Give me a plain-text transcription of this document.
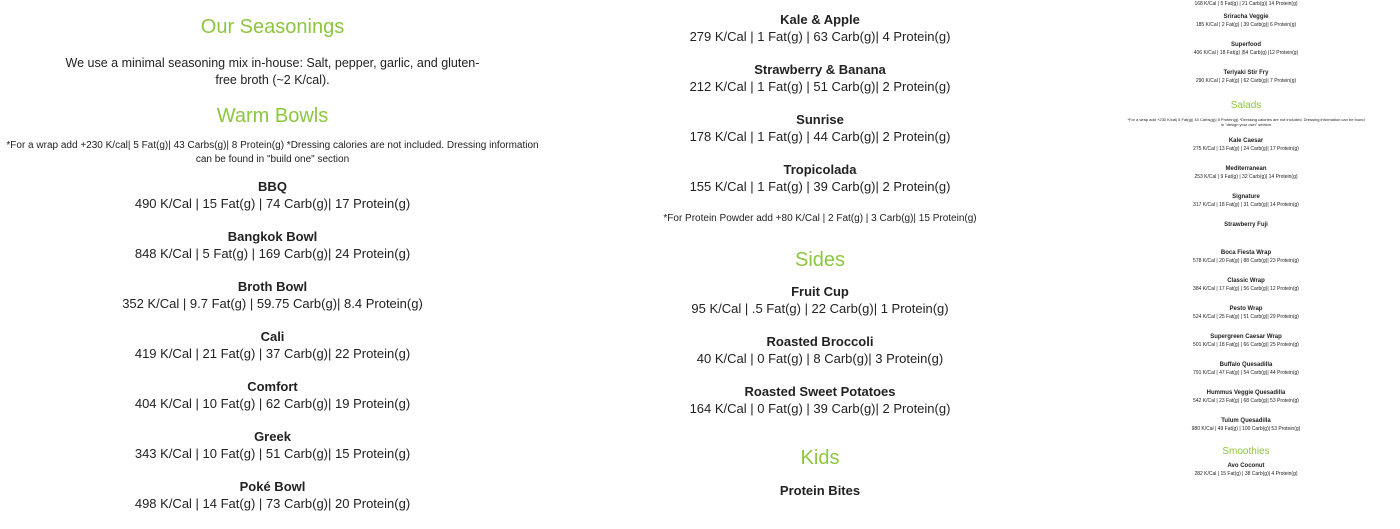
Our Seasonings
We use a minimal seasoning mix in-house: Salt, pepper, garlic, and gluten-free broth (~2 K/cal).
Warm Bowls
*For a wrap add +230 K/cal| 5 Fat(g)| 43 Carbs(g)| 8 Protein(g) *Dressing calories are not included. Dressing information can be found in "build one" section
BBQ
490 K/Cal | 15 Fat(g) | 74 Carb(g)| 17 Protein(g)
Bangkok Bowl
848 K/Cal | 5 Fat(g) | 169 Carb(g)| 24 Protein(g)
Broth Bowl
352 K/Cal | 9.7 Fat(g) | 59.75 Carb(g)| 8.4 Protein(g)
Cali
419 K/Cal | 21 Fat(g) | 37 Carb(g)| 22 Protein(g)
Comfort
404 K/Cal | 10 Fat(g) | 62 Carb(g)| 19 Protein(g)
Greek
343 K/Cal | 10 Fat(g) | 51 Carb(g)| 15 Protein(g)
Poké Bowl
498 K/Cal | 14 Fat(g) | 73 Carb(g)| 20 Protein(g)
Kale & Apple
279 K/Cal | 1 Fat(g) | 63 Carb(g)| 4 Protein(g)
Strawberry & Banana
212 K/Cal | 1 Fat(g) | 51 Carb(g)| 2 Protein(g)
Sunrise
178 K/Cal | 1 Fat(g) | 44 Carb(g)| 2 Protein(g)
Tropicolada
155 K/Cal | 1 Fat(g) | 39 Carb(g)| 2 Protein(g)
*For Protein Powder add +80 K/Cal | 2 Fat(g) | 3 Carb(g)| 15 Protein(g)
Sides
Fruit Cup
95 K/Cal | .5 Fat(g) | 22 Carb(g)| 1 Protein(g)
Roasted Broccoli
40 K/Cal | 0 Fat(g) | 8 Carb(g)| 3 Protein(g)
Roasted Sweet Potatoes
164 K/Cal | 0 Fat(g) | 39 Carb(g)| 2 Protein(g)
Kids
Protein Bites
168 K/Cal | 5 Fat(g) | 21 Carb(g)| 14 Protein(g)
Sriracha Veggie
185 K/Cal | 2 Fat(g) | 39 Carb(g)| 6 Protein(g)
Superfood
406 K/Cal | 18 Fat(g) |54 Carb(g) |12 Protein(g)
Teriyaki Stir Fry
290 K/Cal | 2 Fat(g) | 62 Carb(g)| 7 Protein(g)
Salads
*For a wrap add +230 K/cal| 5 Fat(g)| 43 Carbs(g)| 8 Protein(g) *Dressing calories are not included. Dressing information can be found in "design your own" section
Kale Caesar
275 K/Cal | 13 Fat(g) | 24 Carb(g)| 17 Protein(g)
Mediterranean
253 K/Cal | 9 Fat(g) | 32 Carb(g)| 14 Protein(g)
Signature
317 K/Cal | 18 Fat(g) | 31 Carb(g)| 14 Protein(g)
Strawberry Fuji
Boca Fiesta Wrap
578 K/Cal | 20 Fat(g) | 88 Carb(g)| 23 Protein(g)
Classic Wrap
384 K/Cal | 17 Fat(g) | 56 Carb(g)| 12 Protein(g)
Pesto Wrap
524 K/Cal | 25 Fat(g) | 51 Carb(g)| 29 Protein(g)
Supergreen Caesar Wrap
501 K/Cal | 18 Fat(g) | 66 Carb(g)| 25 Protein(g)
Buffalo Quesadilla
791 K/Cal | 47 Fat(g) | 54 Carb(g)| 44 Protein(g)
Hummus Veggie Quesadilla
542 K/Cal | 23 Fat(g) | 68 Carb(g)| 53 Protein(g)
Tulum Quesadilla
980 K/Cal | 49 Fat(g) | 100 Carb(g)| 53 Protein(g)
Smoothies
Avo Coconut
282 K/Cal | 15 Fat(g) | 38 Carb(g)| 4 Protein(g)
